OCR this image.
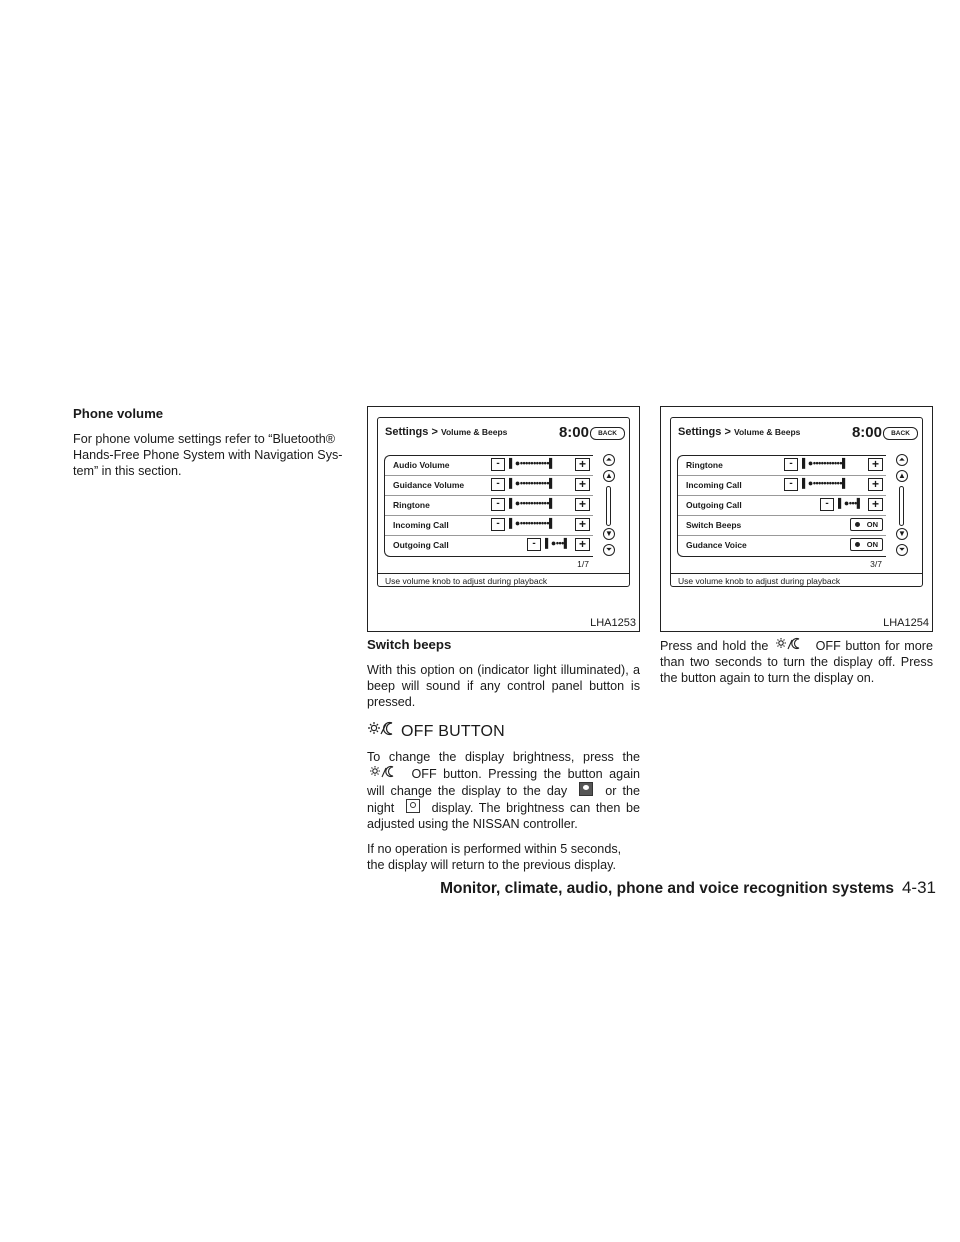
Phone volume

For phone volume settings refer to “Bluetooth® Hands-Free Phone System with Navigation Sys-tem” in this section.

Settings > Volume & Beeps	8:00	BACK
Audio Volume	-	▌●•••••••••••▌	+
Guidance Volume	-	▌●•••••••••••▌	+
Ringtone	-	▌●•••••••••••▌	+
Incoming Call	-	▌●•••••••••••▌	+
Outgoing Call	-	▌●•••▌ +
⏶
▲
▼
⏷
1/7
Use volume knob to adjust during playback
LHA1253
Settings > Volume & Beeps	8:00	BACK
Ringtone	-	▌●•••••••••••▌	+
Incoming Call	-	▌●•••••••••••▌	+
Outgoing Call	-	▌●•••▌ +
Switch Beeps	ON
Gudance Voice	ON
⏶
▲
▼
⏷
3/7
Use volume knob to adjust during playback
LHA1254

Switch beeps

With this option on (indicator light illuminated), a beep will sound if any control panel button is pressed.

OFF BUTTON

To change the display brightness, press the  OFF button. Pressing the button again will change the display to the day	or the night	display. The brightness can then be adjusted using the NISSAN controller.

If no operation is performed within 5 seconds, the display will return to the previous display.

Press and hold the	OFF button for more than two seconds to turn the display off. Press the button again to turn the display on.

Monitor, climate, audio, phone and voice recognition systems 4-31
